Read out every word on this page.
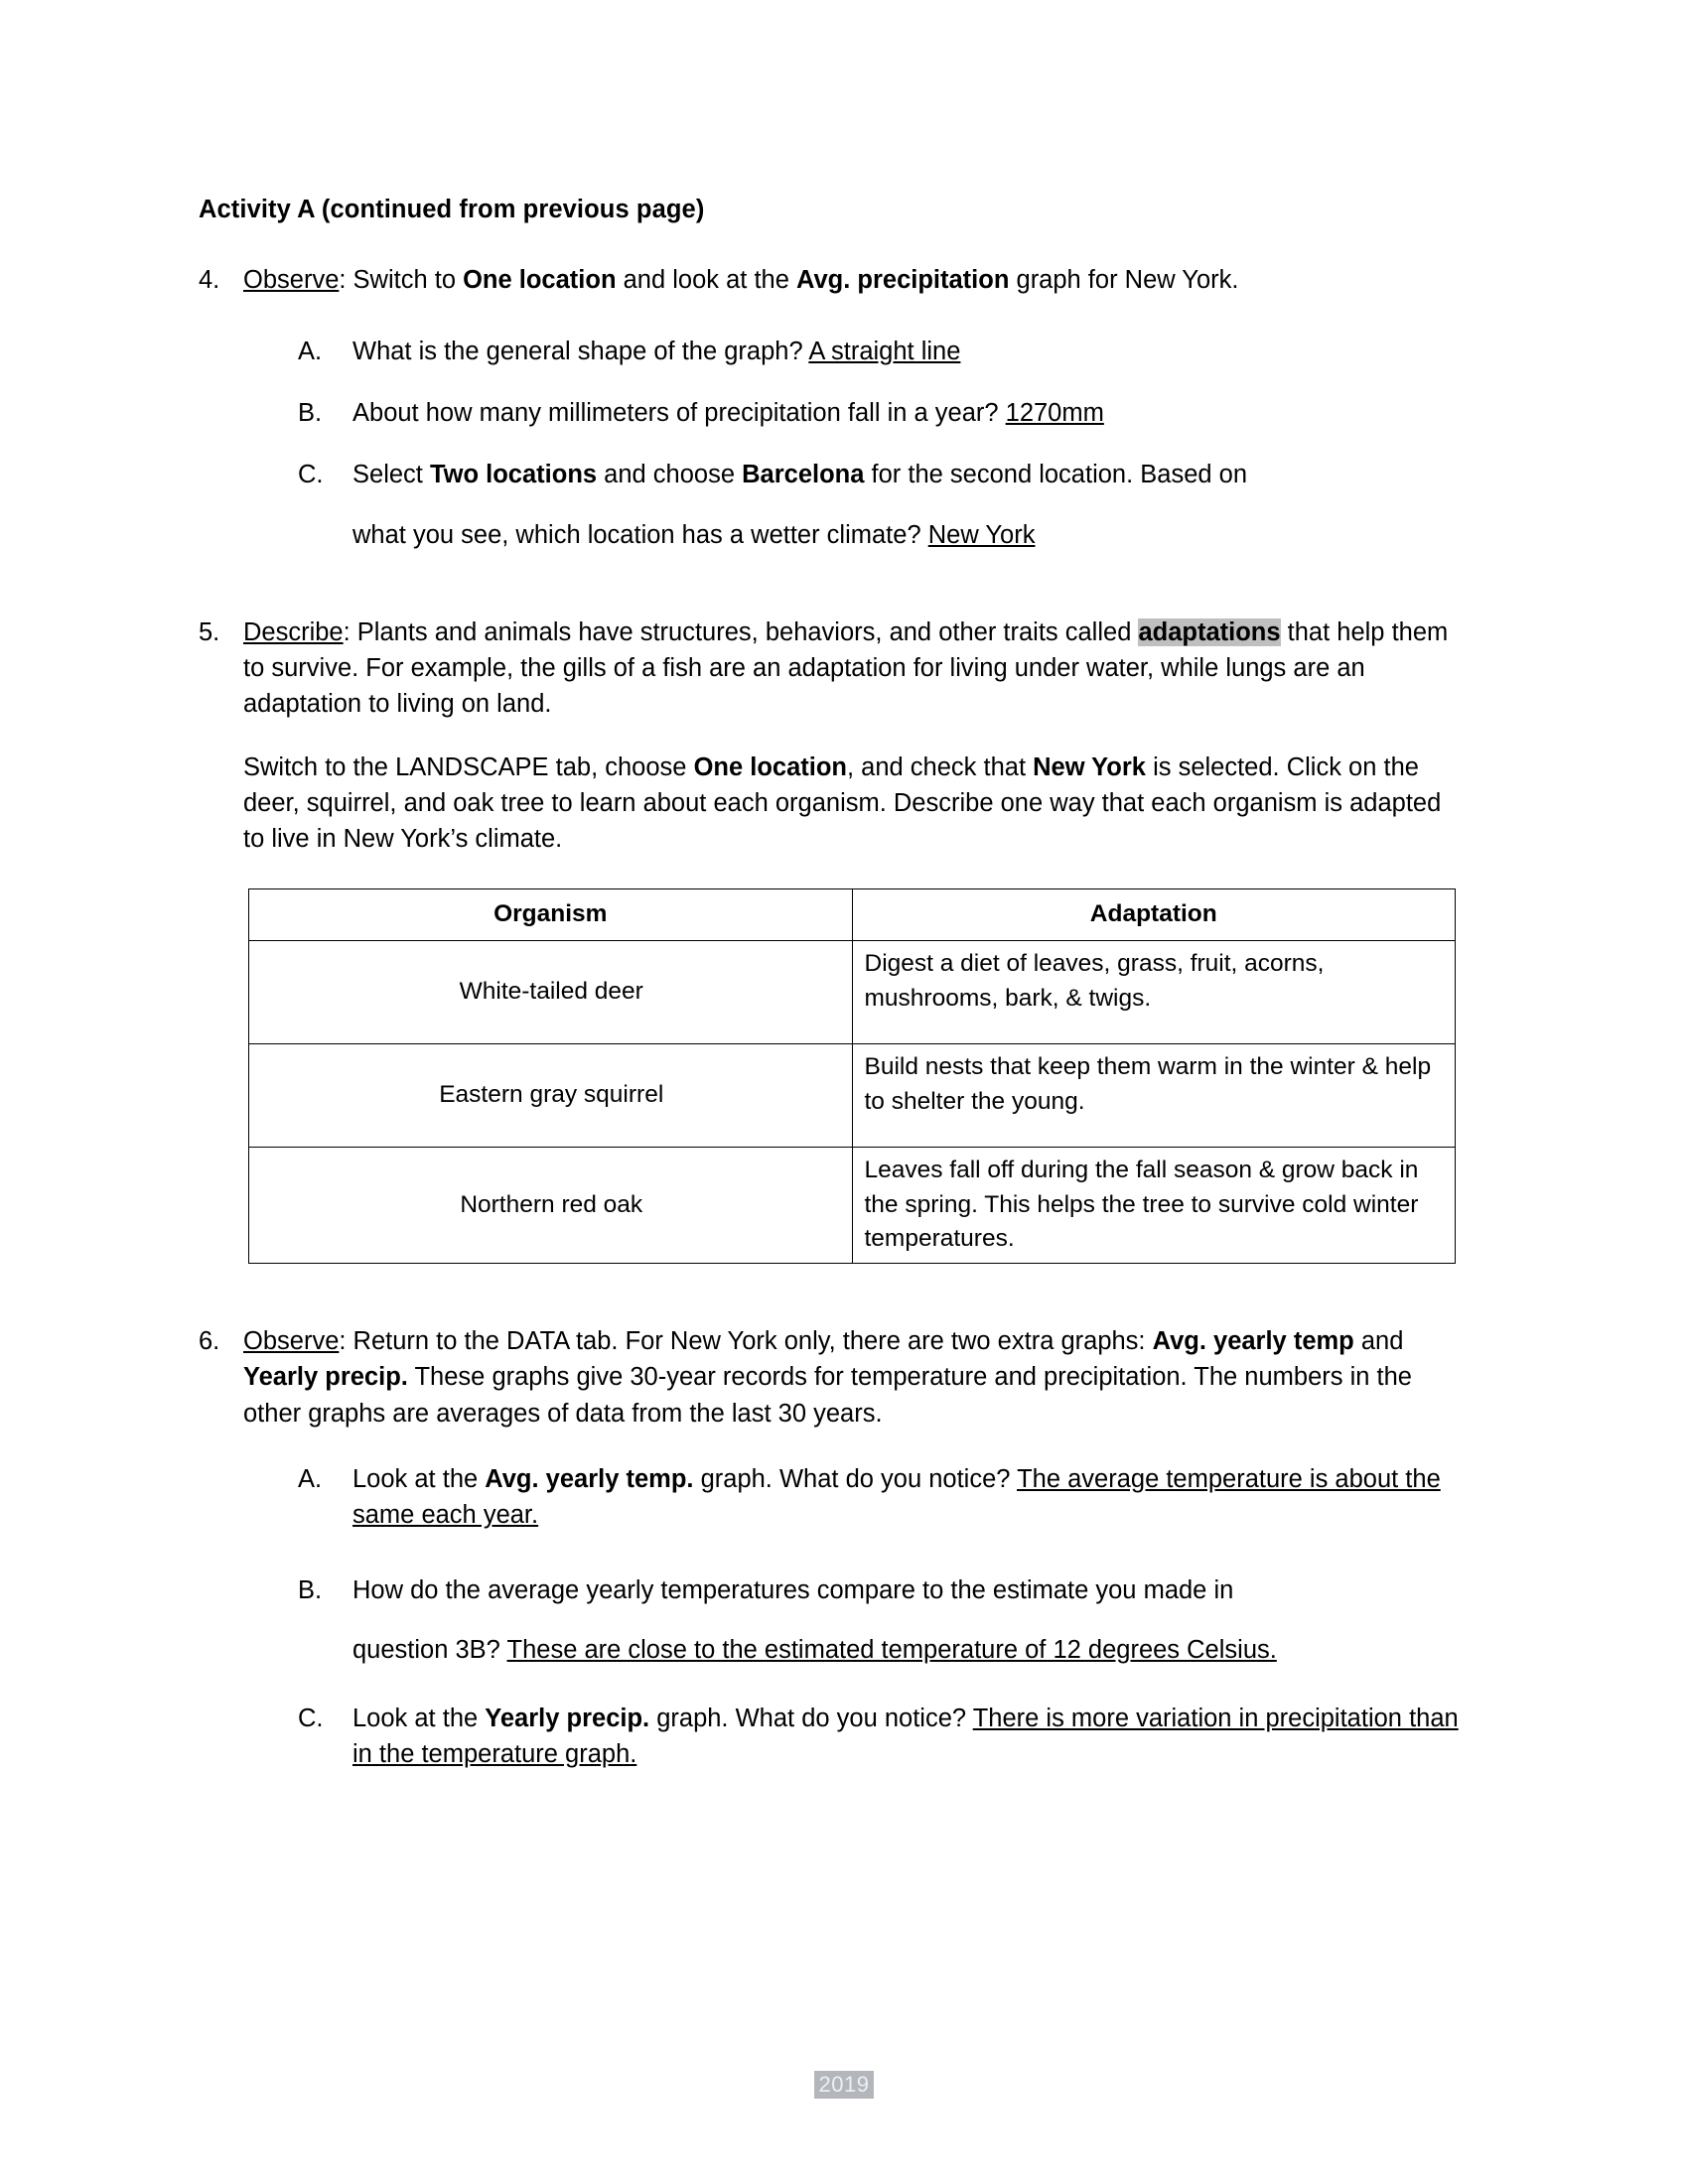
Activity A (continued from previous page)
4. Observe: Switch to One location and look at the Avg. precipitation graph for New York.
A.	What is the general shape of the graph? A straight line
B.	About how many millimeters of precipitation fall in a year? 1270mm
C.	Select Two locations and choose Barcelona for the second location. Based on
what you see, which location has a wetter climate? New York
5. Describe: Plants and animals have structures, behaviors, and other traits called adaptations that help them to survive. For example, the gills of a fish are an adaptation for living under water, while lungs are an adaptation to living on land.
Switch to the LANDSCAPE tab, choose One location, and check that New York is selected. Click on the deer, squirrel, and oak tree to learn about each organism. Describe one way that each organism is adapted to live in New York’s climate.
Organism	Adaptation
White-tailed deer	Digest a diet of leaves, grass, fruit, acorns, mushrooms, bark, & twigs.
Eastern gray squirrel	Build nests that keep them warm in the winter & help to shelter the young.
Northern red oak	Leaves fall off during the fall season & grow back in the spring. This helps the tree to survive cold winter temperatures.
6. Observe: Return to the DATA tab. For New York only, there are two extra graphs: Avg. yearly temp and Yearly precip. These graphs give 30-year records for temperature and precipitation. The numbers in the other graphs are averages of data from the last 30 years.
A.	Look at the Avg. yearly temp. graph. What do you notice? The average temperature is about the same each year.
B.	How do the average yearly temperatures compare to the estimate you made in
question 3B? These are close to the estimated temperature of 12 degrees Celsius.
C.	Look at the Yearly precip. graph. What do you notice? There is more variation in precipitation than in the temperature graph.
2019
